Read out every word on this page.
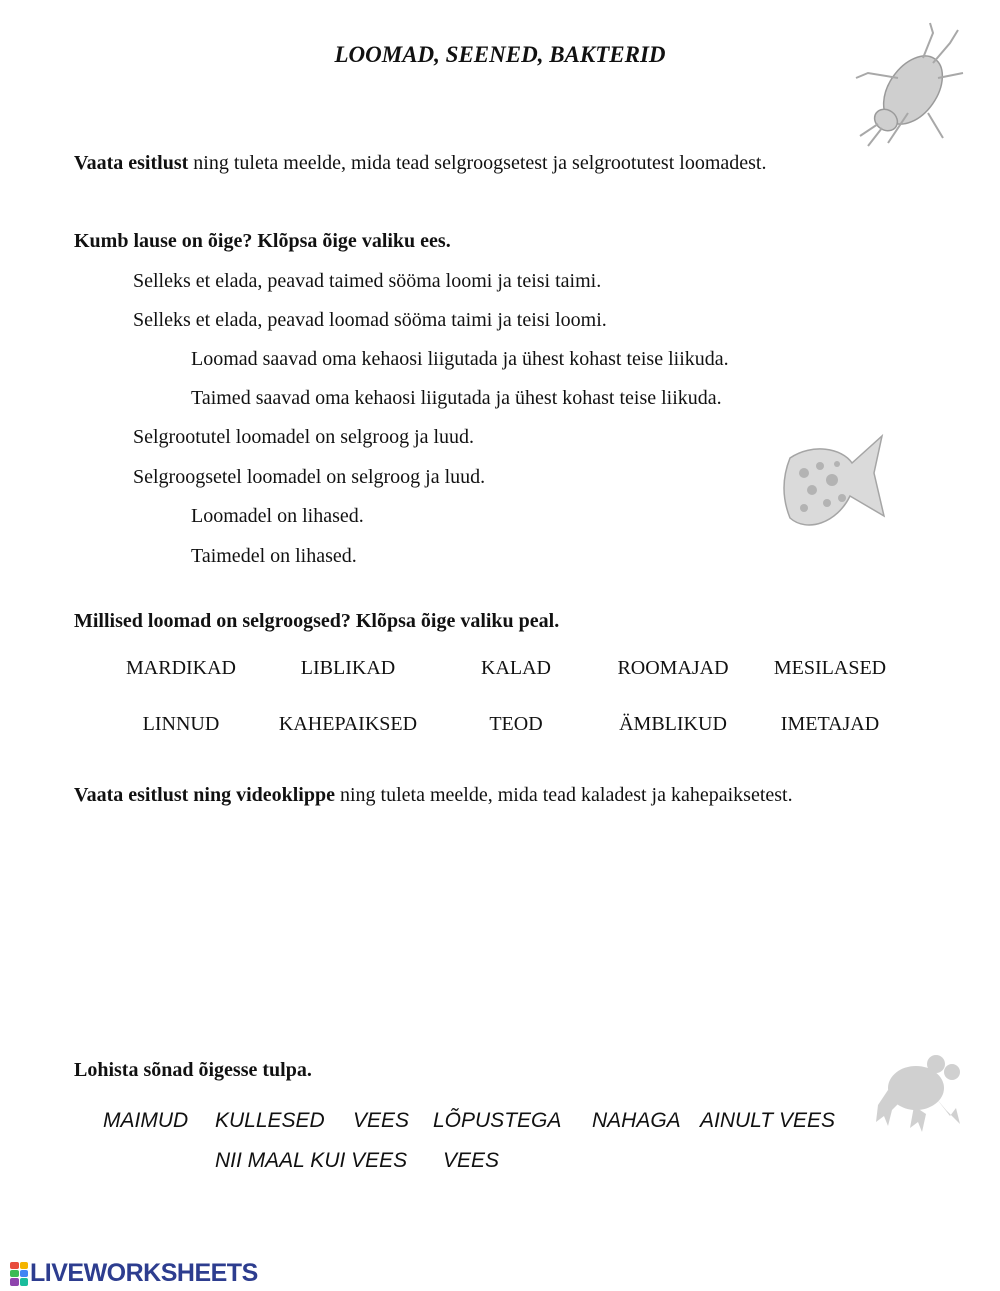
LOOMAD, SEENED, BAKTERID
Vaata esitlust ning tuleta meelde, mida tead selgroogsetest ja selgrootutest loomadest.
Kumb lause on õige? Klõpsa õige valiku ees.
Selleks et elada, peavad taimed sööma loomi ja teisi taimi.
Selleks et elada, peavad loomad sööma taimi ja teisi loomi.
Loomad saavad oma kehaosi liigutada ja ühest kohast teise liikuda.
Taimed saavad oma kehaosi liigutada ja ühest kohast teise liikuda.
Selgrootutel loomadel on selgroog ja luud.
Selgroogsetel loomadel on selgroog ja luud.
Loomadel on lihased.
Taimedel on lihased.
Millised loomad on selgroogsed? Klõpsa õige valiku peal.
MARDIKAD	LIBLIKAD	KALAD	ROOMAJAD	MESILASED
LINNUD	KAHEPAIKSED	TEOD	ÄMBLIKUD	IMETAJAD
Vaata esitlust ning videoklippe ning tuleta meelde, mida tead kaladest ja kahepaiksetest.
Lohista sõnad õigesse tulpa.
MAIMUD KULLESED VEES LÕPUSTEGA NAHAGA AINULT VEES
NII MAAL KUI VEES VEES
LIVEWORKSHEETS
